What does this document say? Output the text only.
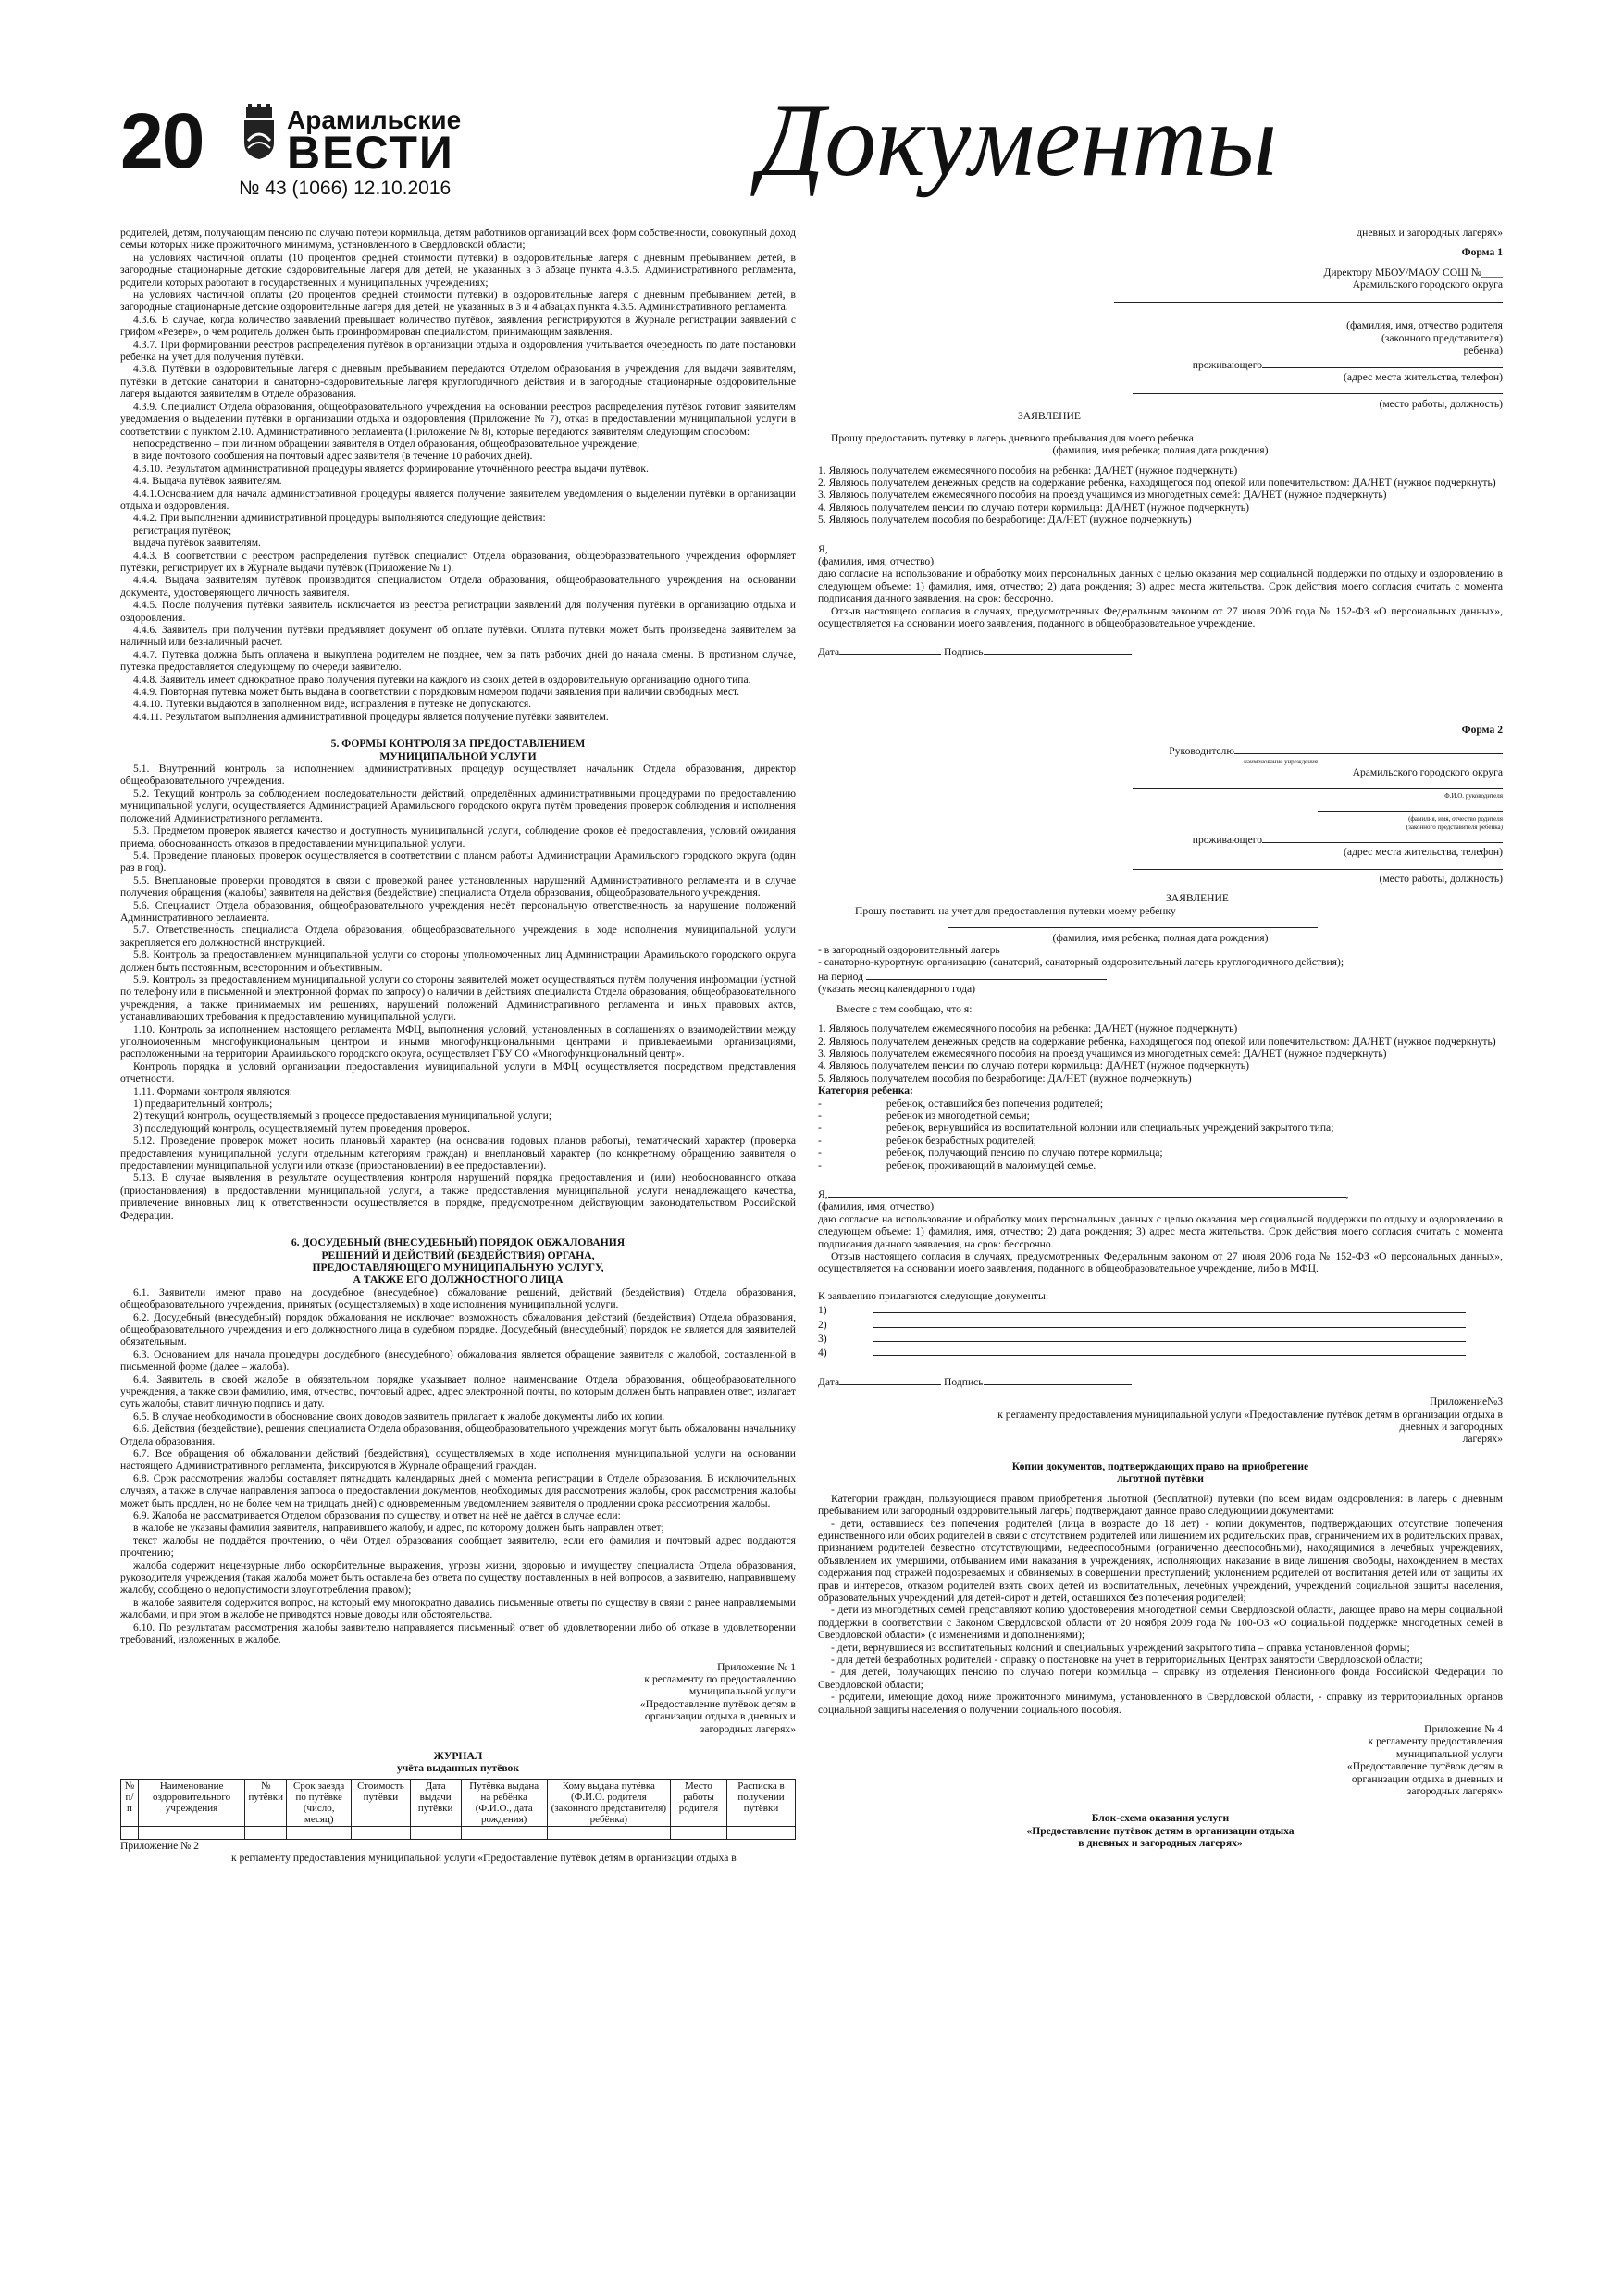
20	Арамильские
ВЕСТИ
№ 43 (1066) 12.10.2016	Документы

родителей, детям, получающим пенсию по случаю потери кормильца, детям работников организаций всех форм собственности, совокупный доход семьи которых ниже прожиточного минимума, установленного в Свердловской области;

на условиях частичной оплаты (10 процентов средней стоимости путевки) в оздоровительные лагеря с дневным пребыванием детей, в загородные стационарные детские оздоровительные лагеря для детей, не указанных в 3 абзаце пункта 4.3.5. Административного регламента, родители которых работают в государственных и муниципальных учреждениях;

на условиях частичной оплаты (20 процентов средней стоимости путевки) в оздоровительные лагеря с дневным пребыванием детей, в загородные стационарные детские оздоровительные лагеря для детей, не указанных в 3 и 4 абзацах пункта 4.3.5. Административного регламента.

4.3.6. В случае, когда количество заявлений превышает количество путёвок, заявления регистрируются в Журнале регистрации заявлений с грифом «Резерв», о чем родитель должен быть проинформирован специалистом, принимающим заявления.

4.3.7. При формировании реестров распределения путёвок в организации отдыха и оздоровления учитывается очередность по дате постановки ребенка на учет для получения путёвки.

4.3.8. Путёвки в оздоровительные лагеря с дневным пребыванием передаются Отделом образования в учреждения для выдачи заявителям, путёвки в детские санатории и санаторно-оздоровительные лагеря круглогодичного действия и в загородные стационарные оздоровительные лагеря выдаются заявителям в Отделе образования.

4.3.9. Специалист Отдела образования, общеобразовательного учреждения на основании реестров распределения путёвок готовит заявителям уведомления о выделении путёвки в организации отдыха и оздоровления (Приложение № 7), отказ в предоставлении муниципальной услуги в соответствии с пунктом 2.10. Административного регламента (Приложение № 8), которые передаются заявителям следующим способом:

непосредственно – при личном обращении заявителя в Отдел образования, общеобразовательное учреждение;

в виде почтового сообщения на почтовый адрес заявителя (в течение 10 рабочих дней).

4.3.10. Результатом административной процедуры является формирование уточнённого реестра выдачи путёвок.

4.4. Выдача путёвок заявителям.

4.4.1.Основанием для начала административной процедуры является получение заявителем уведомления о выделении путёвки в организации отдыха и оздоровления.

4.4.2. При выполнении административной процедуры выполняются следующие действия:

регистрация путёвок;

выдача путёвок заявителям.

4.4.3. В соответствии с реестром распределения путёвок специалист Отдела образования, общеобразовательного учреждения оформляет путёвки, регистрирует их в Журнале выдачи путёвок (Приложение № 1).

4.4.4. Выдача заявителям путёвок производится специалистом Отдела образования, общеобразовательного учреждения на основании документа, удостоверяющего личность заявителя.

4.4.5. После получения путёвки заявитель исключается из реестра регистрации заявлений для получения путёвки в организацию отдыха и оздоровления.

4.4.6. Заявитель при получении путёвки предъявляет документ об оплате путёвки. Оплата путевки может быть произведена заявителем за наличный или безналичный расчет.

4.4.7. Путевка должна быть оплачена и выкуплена родителем не позднее, чем за пять рабочих дней до начала смены. В противном случае, путевка предоставляется следующему по очереди заявителю.

4.4.8. Заявитель имеет однократное право получения путевки на каждого из своих детей в оздоровительную организацию одного типа.

4.4.9. Повторная путевка может быть выдана в соответствии с порядковым номером подачи заявления при наличии свободных мест.

4.4.10. Путевки выдаются в заполненном виде, исправления в путевке не допускаются.

4.4.11. Результатом выполнения административной процедуры является получение путёвки заявителем.

5. ФОРМЫ КОНТРОЛЯ ЗА ПРЕДОСТАВЛЕНИЕМ

МУНИЦИПАЛЬНОЙ УСЛУГИ

5.1. Внутренний контроль за исполнением административных процедур осуществляет начальник Отдела образования, директор общеобразовательного учреждения.

5.2. Текущий контроль за соблюдением последовательности действий, определённых административными процедурами по предоставлению муниципальной услуги, осуществляется Администрацией Арамильского городского округа путём проведения проверок соблюдения и исполнения положений Административного регламента.

5.3. Предметом проверок является качество и доступность муниципальной услуги, соблюдение сроков её предоставления, условий ожидания приема, обоснованность отказов в предоставлении муниципальной услуги.

5.4. Проведение плановых проверок осуществляется в соответствии с планом работы Администрации Арамильского городского округа (один раз в год).

5.5. Внеплановые проверки проводятся в связи с проверкой ранее установленных нарушений Административного регламента и в случае получения обращения (жалобы) заявителя на действия (бездействие) специалиста Отдела образования, общеобразовательного учреждения.

5.6. Специалист Отдела образования, общеобразовательного учреждения несёт персональную ответственность за нарушение положений Административного регламента.

5.7. Ответственность специалиста Отдела образования, общеобразовательного учреждения в ходе исполнения муниципальной услуги закрепляется его должностной инструкцией.

5.8. Контроль за предоставлением муниципальной услуги со стороны уполномоченных лиц Администрации Арамильского городского округа должен быть постоянным, всесторонним и объективным.

5.9. Контроль за предоставлением муниципальной услуги со стороны заявителей может осуществляться путём получения информации (устной по телефону или в письменной и электронной формах по запросу) о наличии в действиях специалиста Отдела образования, общеобразовательного учреждения, а также принимаемых им решениях, нарушений положений Административного регламента и иных правовых актов, устанавливающих требования к предоставлению муниципальной услуги.

1.10. Контроль за исполнением настоящего регламента МФЦ, выполнения условий, установленных в соглашениях о взаимодействии между уполномоченным многофункциональным центром и иными многофункциональными центрами и привлекаемыми организациями, расположенными на территории Арамильского городского округа, осуществляет ГБУ СО «Многофункциональный центр».

Контроль порядка и условий организации предоставления муниципальной услуги в МФЦ осуществляется посредством представления отчетности.

1.11. Формами контроля являются:

1) предварительный контроль;

2) текущий контроль, осуществляемый в процессе предоставления муниципальной услуги;

3) последующий контроль, осуществляемый путем проведения проверок.

5.12. Проведение проверок может носить плановый характер (на основании годовых планов работы), тематический характер (проверка предоставления муниципальной услуги отдельным категориям граждан) и внеплановый характер (по конкретному обращению заявителя о предоставлении муниципальной услуги или отказе (приостановлении) в ее предоставлении).

5.13. В случае выявления в результате осуществления контроля нарушений порядка предоставления и (или) необоснованного отказа (приостановления) в предоставлении муниципальной услуги, а также предоставления муниципальной услуги ненадлежащего качества, привлечение виновных лиц к ответственности осуществляется в порядке, предусмотренном действующим законодательством Российской Федерации.

6. ДОСУДЕБНЫЙ (ВНЕСУДЕБНЫЙ) ПОРЯДОК ОБЖАЛОВАНИЯ

РЕШЕНИЙ И ДЕЙСТВИЙ (БЕЗДЕЙСТВИЯ) ОРГАНА,

ПРЕДОСТАВЛЯЮЩЕГО МУНИЦИПАЛЬНУЮ УСЛУГУ,

А ТАКЖЕ ЕГО ДОЛЖНОСТНОГО ЛИЦА

6.1. Заявители имеют право на досудебное (внесудебное) обжалование решений, действий (бездействия) Отдела образования, общеобразовательного учреждения, принятых (осуществляемых) в ходе исполнения муниципальной услуги.

6.2. Досудебный (внесудебный) порядок обжалования не исключает возможность обжалования действий (бездействия) Отдела образования, общеобразовательного учреждения и его должностного лица в судебном порядке. Досудебный (внесудебный) порядок не является для заявителей обязательным.

6.3. Основанием для начала процедуры досудебного (внесудебного) обжалования является обращение заявителя с жалобой, составленной в письменной форме (далее – жалоба).

6.4. Заявитель в своей жалобе в обязательном порядке указывает полное наименование Отдела образования, общеобразовательного учреждения, а также свои фамилию, имя, отчество, почтовый адрес, адрес электронной почты, по которым должен быть направлен ответ, излагает суть жалобы, ставит личную подпись и дату.

6.5. В случае необходимости в обоснование своих доводов заявитель прилагает к жалобе документы либо их копии.

6.6. Действия (бездействие), решения специалиста Отдела образования, общеобразовательного учреждения могут быть обжалованы начальнику Отдела образования.

6.7. Все обращения об обжаловании действий (бездействия), осуществляемых в ходе исполнения муниципальной услуги на основании настоящего Административного регламента, фиксируются в Журнале обращений граждан.

6.8. Срок рассмотрения жалобы составляет пятнадцать календарных дней с момента регистрации в Отделе образования. В исключительных случаях, а также в случае направления запроса о предоставлении документов, необходимых для рассмотрения жалобы, срок рассмотрения жалобы может быть продлен, но не более чем на тридцать дней) с одновременным уведомлением заявителя о продлении срока рассмотрения жалобы.

6.9. Жалоба не рассматривается Отделом образования по существу, и ответ на неё не даётся в случае если:

в жалобе не указаны фамилия заявителя, направившего жалобу, и адрес, по которому должен быть направлен ответ;

текст жалобы не поддаётся прочтению, о чём Отдел образования сообщает заявителю, если его фамилия и почтовый адрес поддаются прочтению;

жалоба содержит нецензурные либо оскорбительные выражения, угрозы жизни, здоровью и имуществу специалиста Отдела образования, руководителя учреждения (такая жалоба может быть оставлена без ответа по существу поставленных в ней вопросов, а заявителю, направившему жалобу, сообщено о недопустимости злоупотребления правом);

в жалобе заявителя содержится вопрос, на который ему многократно давались письменные ответы по существу в связи с ранее направляемыми жалобами, и при этом в жалобе не приводятся новые доводы или обстоятельства.

6.10. По результатам рассмотрения жалобы заявителю направляется письменный ответ об удовлетворении либо об отказе в удовлетворении требований, изложенных в жалобе.

Приложение № 1
к регламенту по предоставлению
муниципальной услуги
«Предоставление путёвок детям в
организации отдыха в дневных и
загородных лагерях»

ЖУРНАЛ

учёта выданных путёвок

№ п/п	Наименование оздоровительного учреждения	№ путёвки	Срок заезда по путёвке (число, месяц)	Стоимость путёвки	Дата выдачи путёвки	Путёвка выдана на ребёнка (Ф.И.О., дата рождения)	Кому выдана путёвка (Ф.И.О. родителя (законного представителя) ребёнка)	Место работы родителя	Расписка в получении путёвки

Приложение № 2

к регламенту предоставления муниципальной услуги «Предоставление путёвок детям в организации отдыха в

дневных и загородных лагерях»

Форма 1

Директору МБОУ/МАОУ СОШ №____
Арамильского городского округа
(фамилия, имя, отчество родителя
(законного представителя)
ребенка)
проживающего
(адрес места жительства, телефон)
(место работы, должность)

ЗАЯВЛЕНИЕ

Прошу предоставить путевку в лагерь дневного пребывания для моего ребенка

(фамилия, имя ребенка; полная дата рождения)

1. Являюсь получателем ежемесячного пособия на ребенка: ДА/НЕТ (нужное подчеркнуть)

2. Являюсь получателем денежных средств на содержание ребенка, находящегося под опекой или попечительством: ДА/НЕТ (нужное подчеркнуть)

3. Являюсь получателем ежемесячного пособия на проезд учащимся из многодетных семей: ДА/НЕТ (нужное подчеркнуть)

4. Являюсь получателем пенсии по случаю потери кормильца: ДА/НЕТ (нужное подчеркнуть)

5. Являюсь получателем пособия по безработице: ДА/НЕТ (нужное подчеркнуть)

Я,

(фамилия, имя, отчество)

даю согласие на использование и обработку моих персональных данных с целью оказания мер социальной поддержки по отдыху и оздоровлению в следующем объеме: 1) фамилия, имя, отчество; 2) дата рождения; 3) адрес места жительства. Срок действия моего согласия считать с момента подписания данного заявления, на срок: бессрочно.

Отзыв настоящего согласия в случаях, предусмотренных Федеральным законом от 27 июля 2006 года № 152-ФЗ «О персональных данных», осуществляется на основании моего заявления, поданного в общеобразовательное учреждение.

Дата	Подпись

Форма 2

Руководителю
наименование учреждения
Арамильского городского округа
Ф.И.О. руководителя
(фамилия, имя, отчество родителя
(законного представителя ребенка)
проживающего
(адрес места жительства, телефон)
(место работы, должность)

ЗАЯВЛЕНИЕ

Прошу поставить на учет для предоставления путевки моему ребенку

(фамилия, имя ребенка; полная дата рождения)

- в загородный оздоровительный лагерь

- санаторно-курортную организацию (санаторий, санаторный оздоровительный лагерь круглогодичного действия);

на период

(указать месяц календарного года)

Вместе с тем сообщаю, что я:

1. Являюсь получателем ежемесячного пособия на ребенка: ДА/НЕТ (нужное подчеркнуть)

2. Являюсь получателем денежных средств на содержание ребенка, находящегося под опекой или попечительством: ДА/НЕТ (нужное подчеркнуть)

3. Являюсь получателем ежемесячного пособия на проезд учащимся из многодетных семей: ДА/НЕТ (нужное подчеркнуть)

4. Являюсь получателем пенсии по случаю потери кормильца: ДА/НЕТ (нужное подчеркнуть)

5. Являюсь получателем пособия по безработице: ДА/НЕТ (нужное подчеркнуть)

Категория ребенка:

-	ребенок, оставшийся без попечения родителей;

-	ребенок из многодетной семьи;

-	ребенок, вернувшийся из воспитательной колонии или специальных учреждений закрытого типа;

-	ребенок безработных родителей;

-	ребенок, получающий пенсию по случаю потере кормильца;

-	ребенок, проживающий в малоимущей семье.

Я,	,

(фамилия, имя, отчество)

даю согласие на использование и обработку моих персональных данных с целью оказания мер социальной поддержки по отдыху и оздоровлению в следующем объеме: 1) фамилия, имя, отчество; 2) дата рождения; 3) адрес места жительства. Срок действия моего согласия считать с момента подписания данного заявления, на срок: бессрочно.

Отзыв настоящего согласия в случаях, предусмотренных Федеральным законом от 27 июля 2006 года № 152-ФЗ «О персональных данных», осуществляется на основании моего заявления, поданного в общеобразовательное учреждение, либо в МФЦ.

К заявлению прилагаются следующие документы:

1)

2)

3)

4)

Дата	Подпись

Приложение№3
к регламенту предоставления муниципальной услуги «Предоставление путёвок детям в организации отдыха в
дневных и загородных
лагерях»

Копии документов, подтверждающих право на приобретение

льготной путёвки

Категории граждан, пользующиеся правом приобретения льготной (бесплатной) путевки (по всем видам оздоровления: в лагерь с дневным пребыванием или загородный оздоровительный лагерь) подтверждают данное право следующими документами:

- дети, оставшиеся без попечения родителей (лица в возрасте до 18 лет) - копии документов, подтверждающих отсутствие попечения единственного или обоих родителей в связи с отсутствием родителей или лишением их родительских прав, ограничением их в родительских правах, признанием родителей безвестно отсутствующими, недееспособными (ограниченно дееспособными), находящимися в лечебных учреждениях, объявлением их умершими, отбыванием ими наказания в учреждениях, исполняющих наказание в виде лишения свободы, нахождением в местах содержания под стражей подозреваемых и обвиняемых в совершении преступлений; уклонением родителей от воспитания детей или от защиты их прав и интересов, отказом родителей взять своих детей из воспитательных, лечебных учреждений, учреждений социальной защиты населения, образовательных учреждений для детей-сирот и детей, оставшихся без попечения родителей;

- дети из многодетных семей представляют копию удостоверения многодетной семьи Свердловской области, дающее право на меры социальной поддержки в соответствии с Законом Свердловской области от 20 ноября 2009 года № 100-ОЗ «О социальной поддержке многодетных семей в Свердловской области» (с изменениями и дополнениями);

- дети, вернувшиеся из воспитательных колоний и специальных учреждений закрытого типа – справка установленной формы;

- для детей безработных родителей - справку о постановке на учет в территориальных Центрах занятости Свердловской области;

- для детей, получающих пенсию по случаю потери кормильца – справку из отделения Пенсионного фонда Российской Федерации по Свердловской области;

- родители, имеющие доход ниже прожиточного минимума, установленного в Свердловской области, - справку из территориальных органов социальной защиты населения о получении социального пособия.

Приложение № 4
к регламенту предоставления
муниципальной услуги
«Предоставление путёвок детям в
организации отдыха в дневных и
загородных лагерях»

Блок-схема оказания услуги

«Предоставление путёвок детям в организации отдыха

в дневных и загородных лагерях»
